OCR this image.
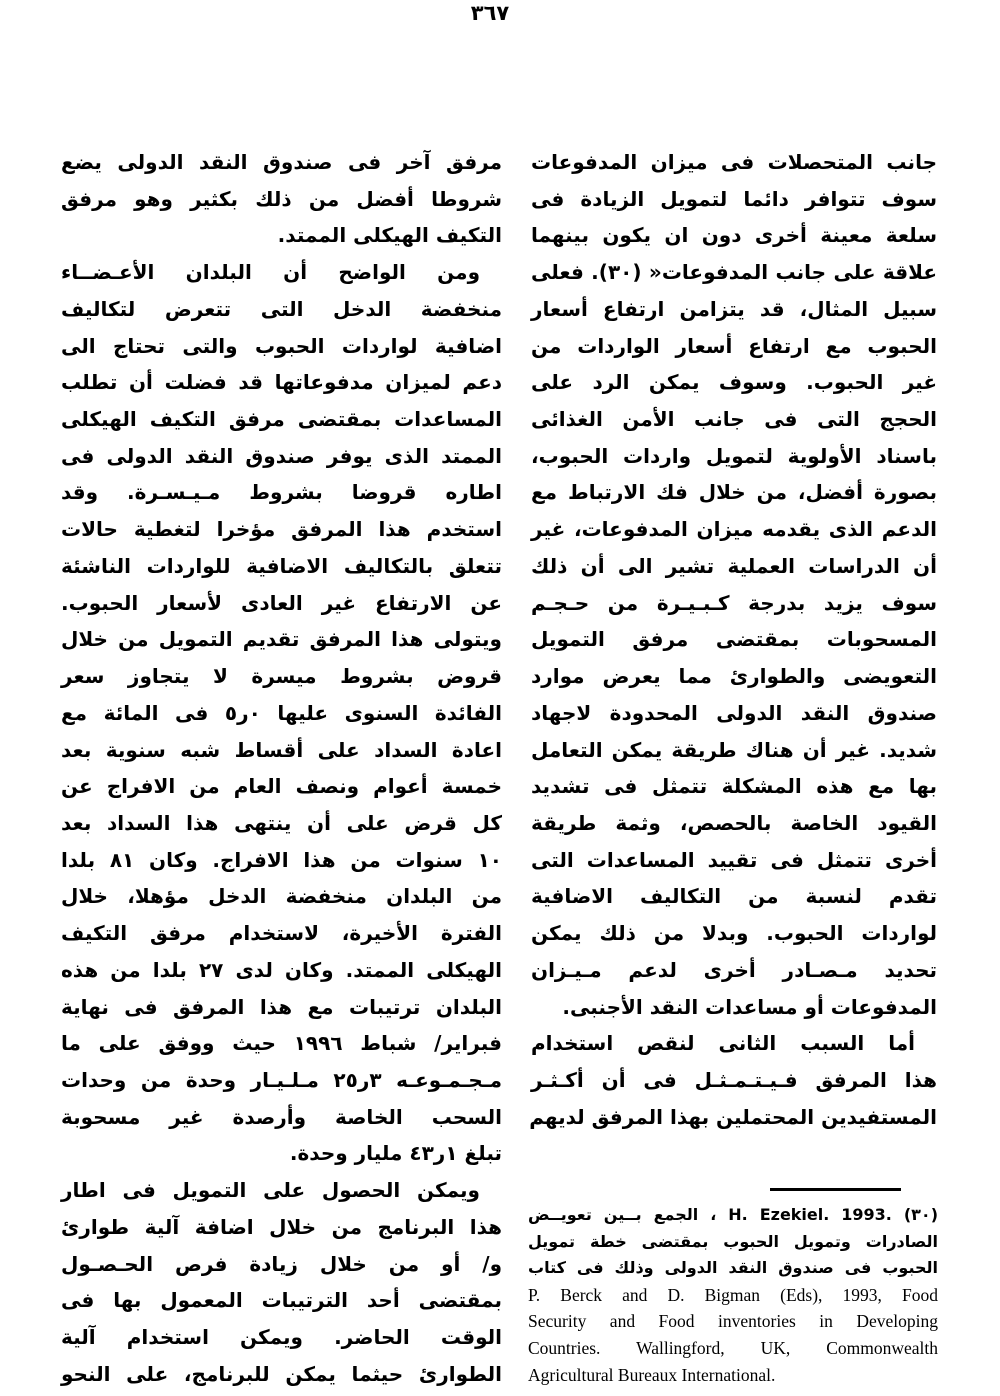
٣٦٧
جانب المتحصلات فى ميزان المدفوعات
سوف تتوافر دائما لتمويل الزيادة فى
سلعة معينة أخرى دون ان يكون بينهما
علاقة على جانب المدفوعات« (٣٠). فعلى
سبيل المثال، قد يتزامن ارتفاع أسعار
الحبوب مع ارتفاع أسعار الواردات من
غير الحبوب. وسوف يمكن الرد على
الحجج التى فى جانب الأمن الغذائى
باسناد الأولوية لتمويل واردات الحبوب،
بصورة أفضل، من خلال فك الارتباط مع
الدعم الذى يقدمه ميزان المدفوعات، غير
أن الدراسات العملية تشير الى أن ذلك
سوف يزيد بدرجة كـبـيـرة من حـجـم
المسحوبات بمقتضى مرفق التمويل
التعويضى والطوارئ مما يعرض موارد
صندوق النقد الدولى المحدودة لاجهاد
شديد. غير أن هناك طريقة يمكن التعامل
بها مع هذه المشكلة تتمثل فى تشديد
القيود الخاصة بالحصص، وثمة طريقة
أخرى تتمثل فى تقييد المساعدات التى
تقدم لنسبة من التكاليف الاضافية
لواردات الحبوب. وبدلا من ذلك يمكن
تحديد مـصـادر أخرى لدعم مـيـزان
المدفوعات أو مساعدات النقد الأجنبى.
أما السبب الثانى لنقص استخدام
هذا المرفق فـيـتـمـثـل فى أن أكـثـر
المستفيدين المحتملين بهذا المرفق لديهم
مرفق آخر فى صندوق النقد الدولى يضع
شروطا أفضل من ذلك بكثير وهو مرفق
التكيف الهيكلى الممتد.
ومن الواضح أن البلدان الأعـضــاء
منخفضة الدخل التى تتعرض لتكاليف
اضافية لواردات الحبوب والتى تحتاج الى
دعم لميزان مدفوعاتها قد فضلت أن تطلب
المساعدات بمقتضى مرفق التكيف الهيكلى
الممتد الذى يوفر صندوق النقد الدولى فى
اطاره قروضا بشروط مـيـسـرة. وقد
استخدم هذا المرفق مؤخرا لتغطية حالات
تتعلق بالتكاليف الاضافية للواردات الناشئة
عن الارتفاع غير العادى لأسعار الحبوب.
ويتولى هذا المرفق تقديم التمويل من خلال
قروض بشروط ميسرة لا يتجاوز سعر
الفائدة السنوى عليها ٠ر٥ فى المائة مع
اعادة السداد على أقساط شبه سنوية بعد
خمسة أعوام ونصف العام من الافراج عن
كل قرض على أن ينتهى هذا السداد بعد
١٠ سنوات من هذا الافراج. وكان ٨١ بلدا
من البلدان منخفضة الدخل مؤهلا، خلال
الفترة الأخيرة، لاستخدام مرفق التكيف
الهيكلى الممتد. وكان لدى ٢٧ بلدا من هذه
البلدان ترتيبات مع هذا المرفق فى نهاية
فبراير/ شباط ١٩٩٦ حيث ووفق على ما
مـجـمـوعـه ٣ر٢٥ مـلـيـار وحدة من وحدات
السحب الخاصة وأرصدة غير مسحوبة
تبلغ ١ر٤٣ مليار وحدة.
ويمكن الحصول على التمويل فى اطار
هذا البرنامج من خلال اضافة آلية طوارئ
و/ أو من خلال زيادة فرص الحـصـول
بمقتضى أحد الترتيبات المعمول بها فى
الوقت الحاضر. ويمكن استخدام آلية
الطوارئ حيثما يمكن للبرنامج، على النحو
(٣٠) H. Ezekiel. 1993.‎ ، الجمع بــين تعويــض
الصادرات وتمويل الحبوب بمقتضى خطة تمويل
الحبوب فى صندوق النقد الدولى وذلك فى كتاب
P. Berck and D. Bigman (Eds), 1993, Food
Security and Food inventories in Developing
Countries. Wallingford, UK, Commonwealth
Agricultural Bureaux International.
